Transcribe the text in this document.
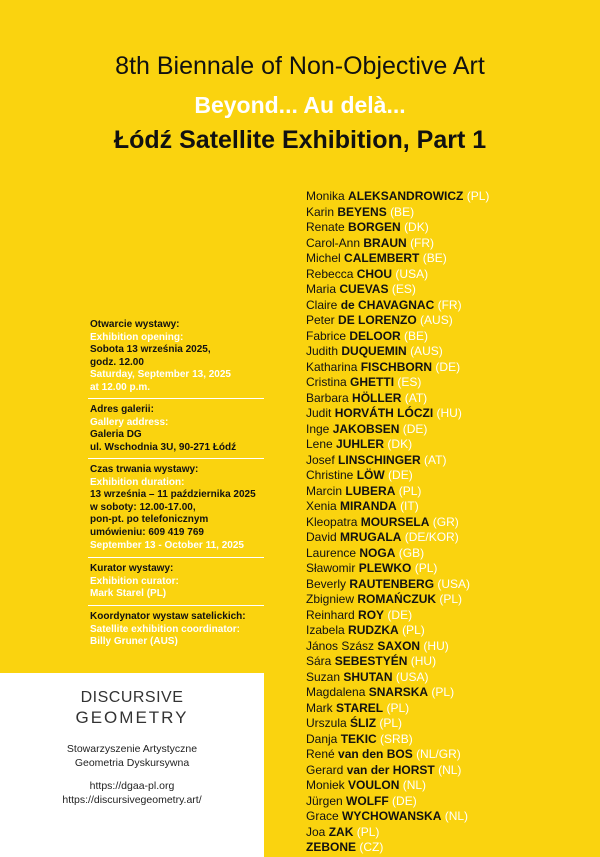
8th Biennale of Non-Objective Art
Beyond... Au delà...
Łódź Satellite Exhibition, Part 1
Monika ALEKSANDROWICZ (PL)
Karin BEYENS (BE)
Renate BORGEN (DK)
Carol-Ann BRAUN (FR)
Michel CALEMBERT (BE)
Rebecca CHOU (USA)
Maria CUEVAS (ES)
Claire de CHAVAGNAC (FR)
Peter DE LORENZO (AUS)
Fabrice DELOOR (BE)
Judith DUQUEMIN (AUS)
Katharina FISCHBORN (DE)
Cristina GHETTI (ES)
Barbara HÖLLER (AT)
Judit HORVÁTH LÓCZI (HU)
Inge JAKOBSEN (DE)
Lene JUHLER (DK)
Josef LINSCHINGER (AT)
Christine LÖW (DE)
Marcin LUBERA (PL)
Xenia MIRANDA (IT)
Kleopatra MOURSELA (GR)
David MRUGALA (DE/KOR)
Laurence NOGA (GB)
Sławomir PLEWKO (PL)
Beverly RAUTENBERG (USA)
Zbigniew ROMAŃCZUK (PL)
Reinhard ROY (DE)
Izabela RUDZKA (PL)
János Szász SAXON (HU)
Sára SEBESTYÉN (HU)
Suzan SHUTAN (USA)
Magdalena SNARSKA (PL)
Mark STAREL (PL)
Urszula ŚLIZ (PL)
Danja TEKIC (SRB)
René van den BOS (NL/GR)
Gerard van der HORST (NL)
Moniek VOULON (NL)
Jürgen WOLFF (DE)
Grace WYCHOWANSKA (NL)
Joa ZAK (PL)
ZEBONE (CZ)
Otwarcie wystawy:
Exhibition opening:
Sobota 13 września 2025,
godz. 12.00
Saturday, September 13, 2025
at 12.00 p.m.
Adres galerii:
Gallery address:
Galeria DG
ul. Wschodnia 3U, 90-271 Łódź
Czas trwania wystawy:
Exhibition duration:
13 września – 11 października 2025
w soboty: 12.00-17.00,
pon-pt. po telefonicznym
umówieniu: 609 419 769
September 13 - October 11, 2025
Kurator wystawy:
Exhibition curator:
Mark Starel (PL)
Koordynator wystaw satelickich:
Satellite exhibition coordinator:
Billy Gruner (AUS)
DISCURSIVE
GEOMETRY
Stowarzyszenie Artystyczne
Geometria Dyskursywna
https://dgaa-pl.org
https://discursivegeometry.art/
